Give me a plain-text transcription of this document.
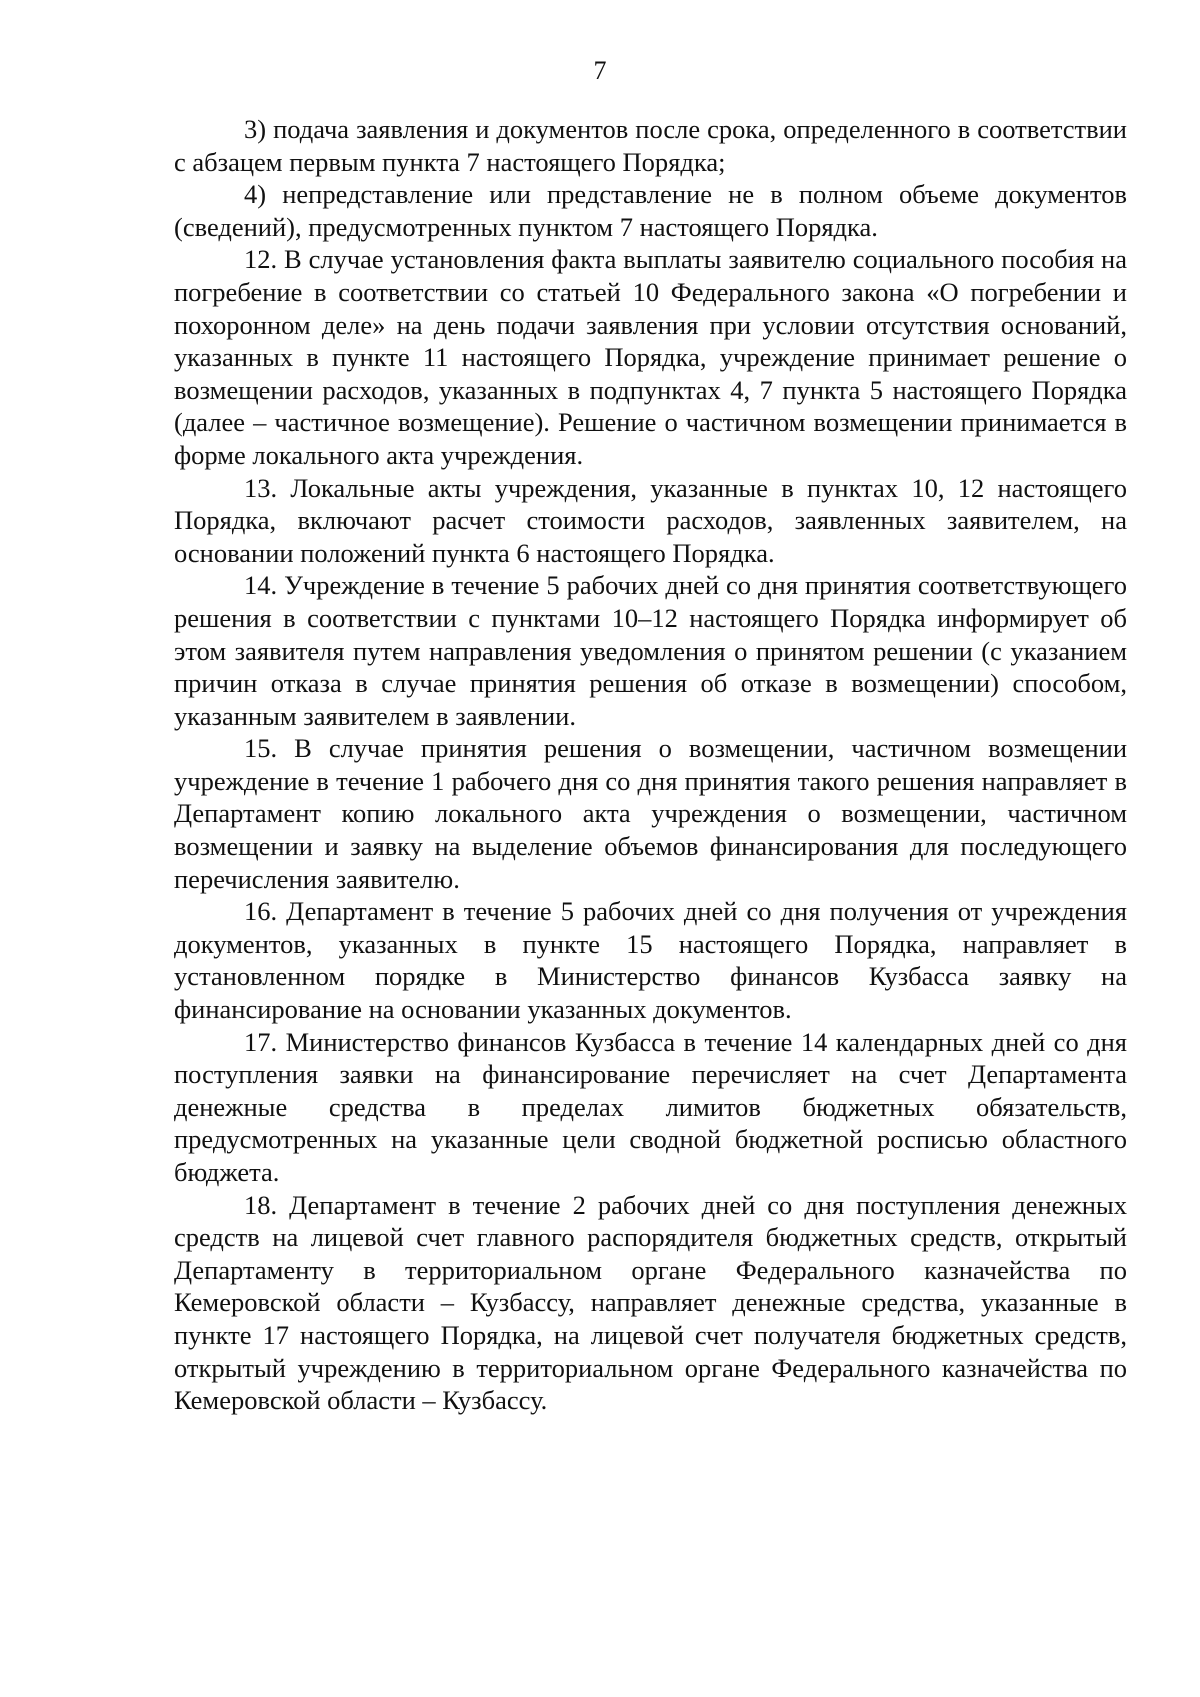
7

3) подача заявления и документов после срока, определенного в соответствии с абзацем первым пункта 7 настоящего Порядка;

4) непредставление или представление не в полном объеме документов (сведений), предусмотренных пунктом 7 настоящего Порядка.

12. В случае установления факта выплаты заявителю социального пособия на погребение в соответствии со статьей 10 Федерального закона «О погребении и похоронном деле» на день подачи заявления при условии отсутствия оснований, указанных в пункте 11 настоящего Порядка, учреждение принимает решение о возмещении расходов, указанных в подпунктах 4, 7 пункта 5 настоящего Порядка (далее – частичное возмещение). Решение о частичном возмещении принимается в форме локального акта учреждения.

13. Локальные акты учреждения, указанные в пунктах 10, 12 настоящего Порядка, включают расчет стоимости расходов, заявленных заявителем, на основании положений пункта 6 настоящего Порядка.

14. Учреждение в течение 5 рабочих дней со дня принятия соответствующего решения в соответствии с пунктами 10–12 настоящего Порядка информирует об этом заявителя путем направления уведомления о принятом решении (с указанием причин отказа в случае принятия решения об отказе в возмещении) способом, указанным заявителем в заявлении.

15. В случае принятия решения о возмещении, частичном возмещении учреждение в течение 1 рабочего дня со дня принятия такого решения направляет в Департамент копию локального акта учреждения о возмещении, частичном возмещении и заявку на выделение объемов финансирования для последующего перечисления заявителю.

16. Департамент в течение 5 рабочих дней со дня получения от учреждения документов, указанных в пункте 15 настоящего Порядка, направляет в установленном порядке в Министерство финансов Кузбасса заявку на финансирование на основании указанных документов.

17. Министерство финансов Кузбасса в течение 14 календарных дней со дня поступления заявки на финансирование перечисляет на счет Департамента денежные средства в пределах лимитов бюджетных обязательств, предусмотренных на указанные цели сводной бюджетной росписью областного бюджета.

18. Департамент в течение 2 рабочих дней со дня поступления денежных средств на лицевой счет главного распорядителя бюджетных средств, открытый Департаменту в территориальном органе Федерального казначейства по Кемеровской области – Кузбассу, направляет денежные средства, указанные в пункте 17 настоящего Порядка, на лицевой счет получателя бюджетных средств, открытый учреждению в территориальном органе Федерального казначейства по Кемеровской области – Кузбассу.
